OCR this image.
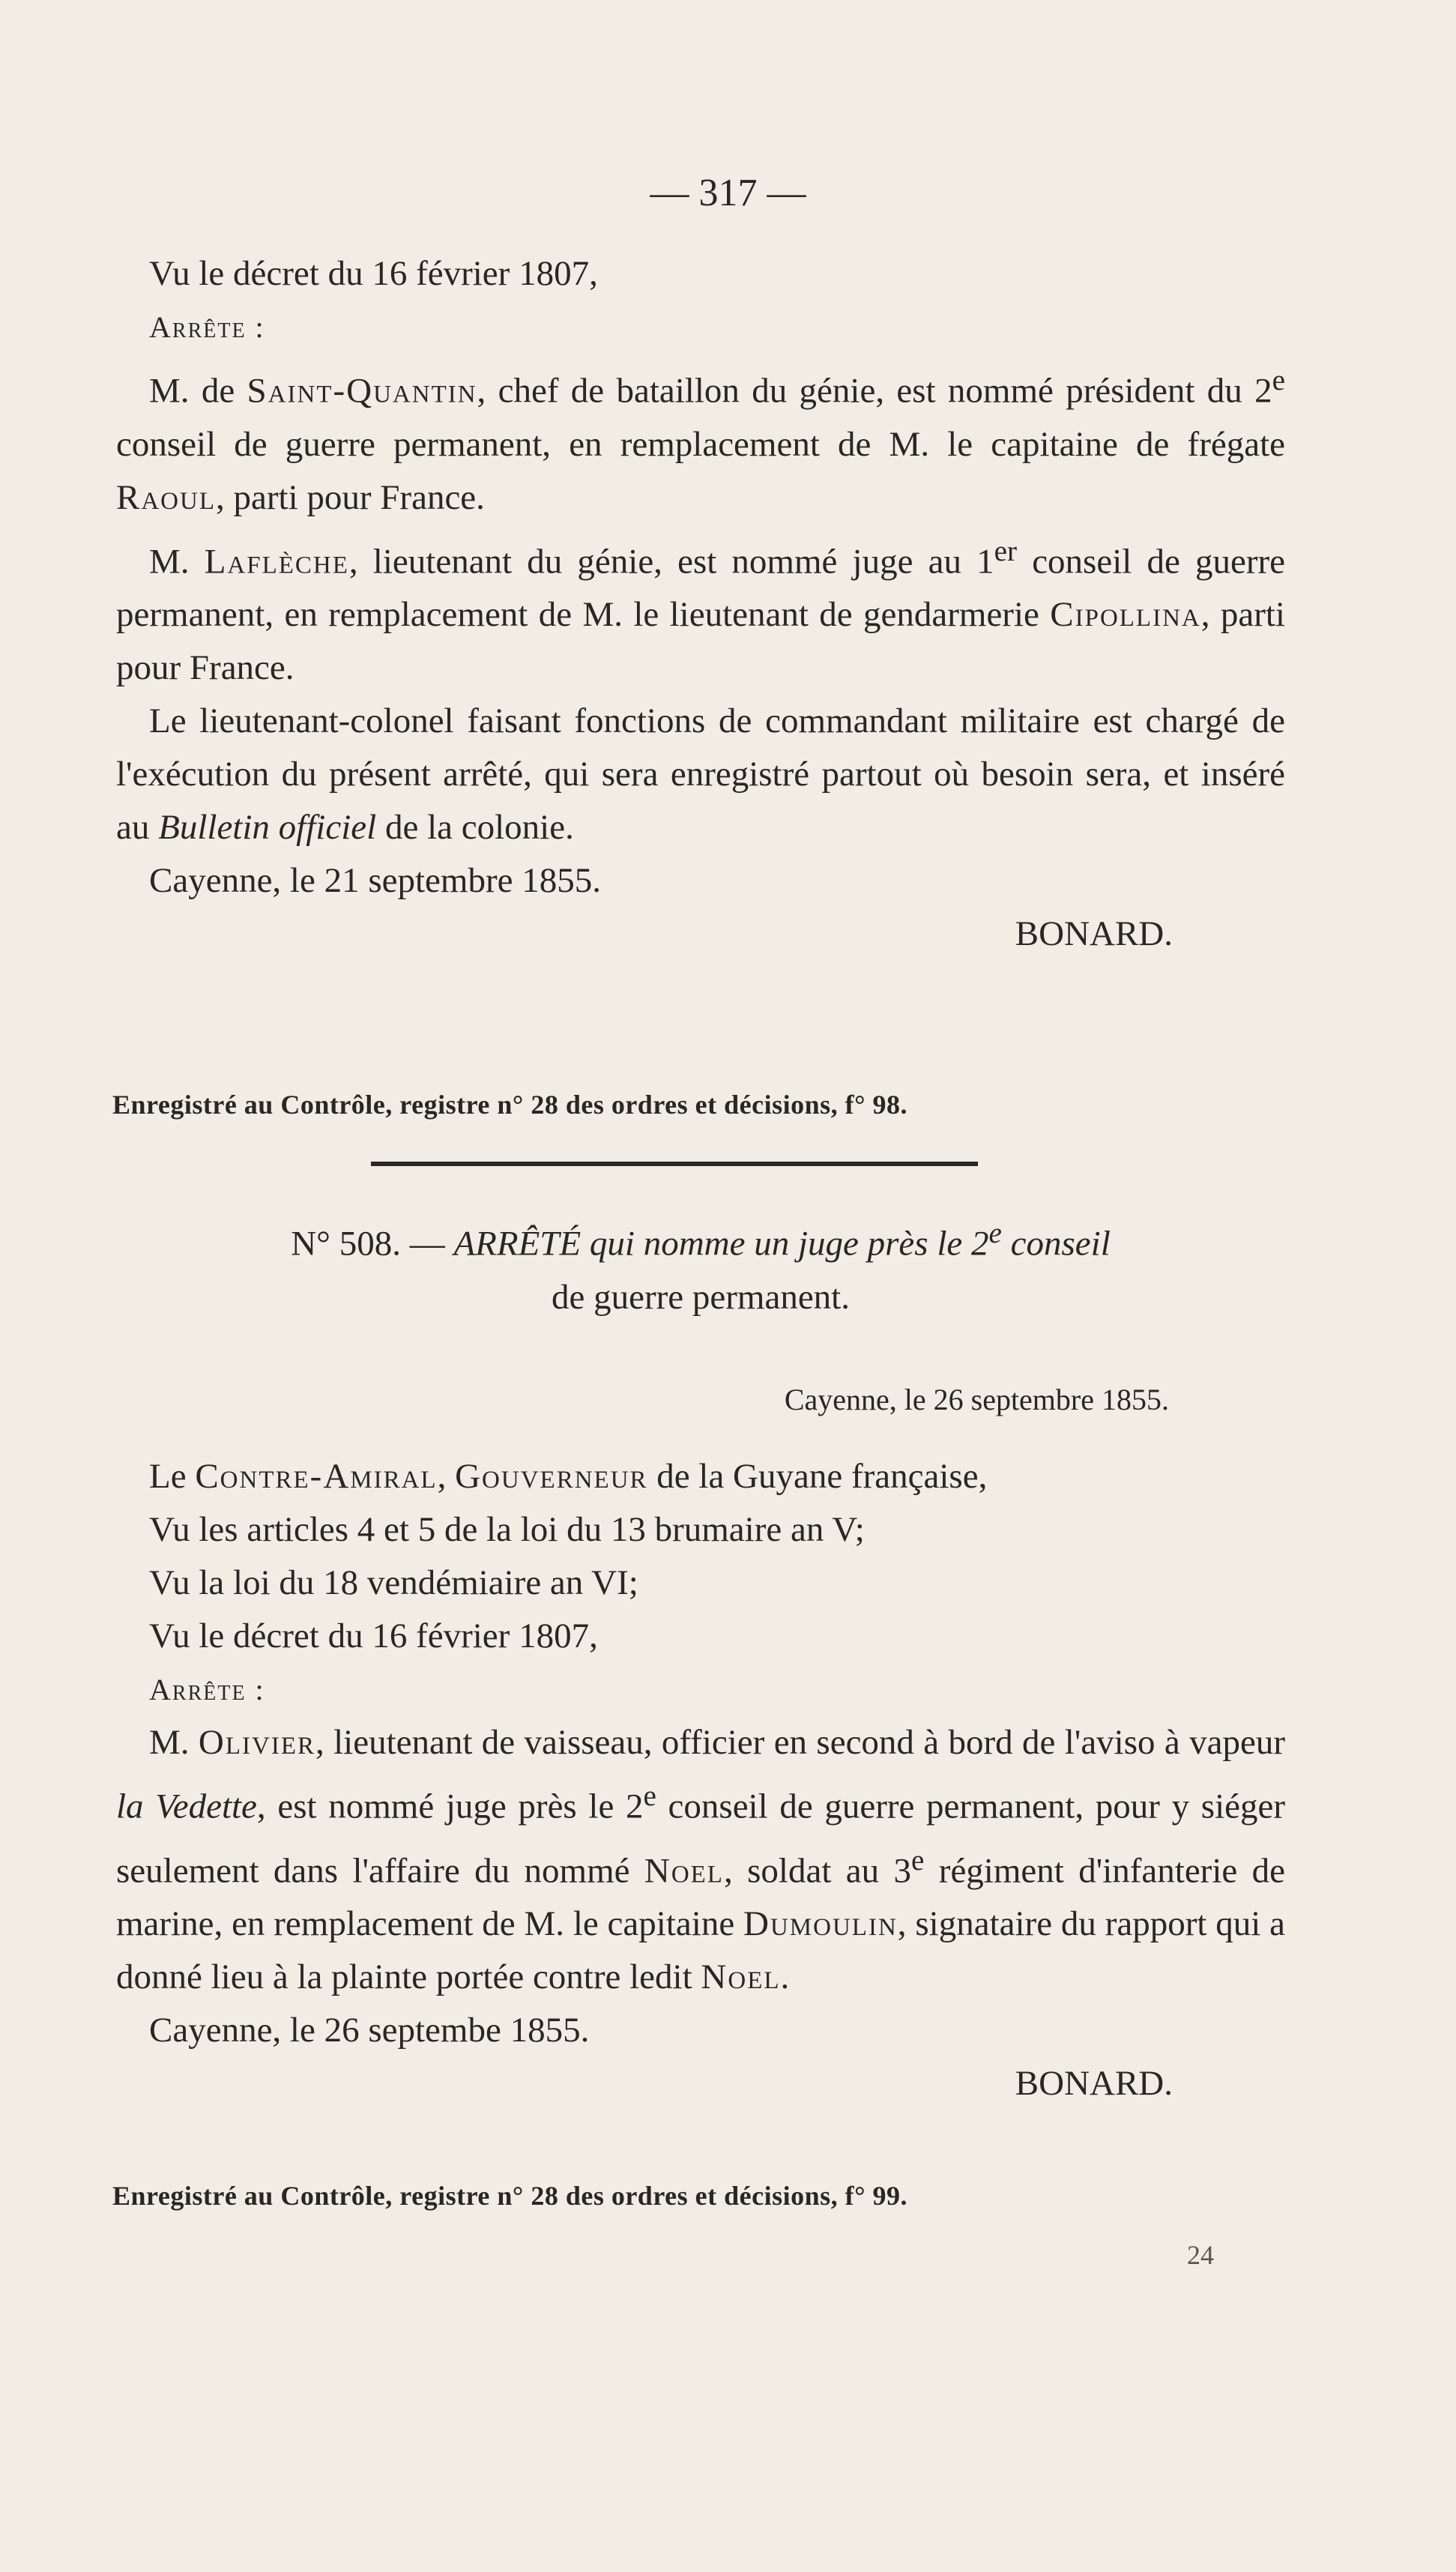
— 317 —

Vu le décret du 16 février 1807,

Arrête :

M. de Saint-Quantin, chef de bataillon du génie, est nommé président du 2e conseil de guerre permanent, en remplacement de M. le capitaine de frégate Raoul, parti pour France.

M. Laflèche, lieutenant du génie, est nommé juge au 1er conseil de guerre permanent, en remplacement de M. le lieutenant de gendarmerie Cipollina, parti pour France.

Le lieutenant-colonel faisant fonctions de commandant militaire est chargé de l'exécution du présent arrêté, qui sera enregistré partout où besoin sera, et inséré au Bulletin officiel de la colonie.

Cayenne, le 21 septembre 1855.

BONARD.

Enregistré au Contrôle, registre n° 28 des ordres et décisions, f° 98.

N° 508. — ARRÊTÉ qui nomme un juge près le 2e conseil

de guerre permanent.

Cayenne, le 26 septembre 1855.

Le Contre-Amiral, Gouverneur de la Guyane française,

Vu les articles 4 et 5 de la loi du 13 brumaire an V;

Vu la loi du 18 vendémiaire an VI;

Vu le décret du 16 février 1807,

Arrête :

M. Olivier, lieutenant de vaisseau, officier en second à bord de l'aviso à vapeur la Vedette, est nommé juge près le 2e conseil de guerre permanent, pour y siéger seulement dans l'affaire du nommé Noel, soldat au 3e régiment d'infanterie de marine, en remplacement de M. le capitaine Dumoulin, signataire du rapport qui a donné lieu à la plainte portée contre ledit Noel.

Cayenne, le 26 septembe 1855.

BONARD.

Enregistré au Contrôle, registre n° 28 des ordres et décisions, f° 99.

24
